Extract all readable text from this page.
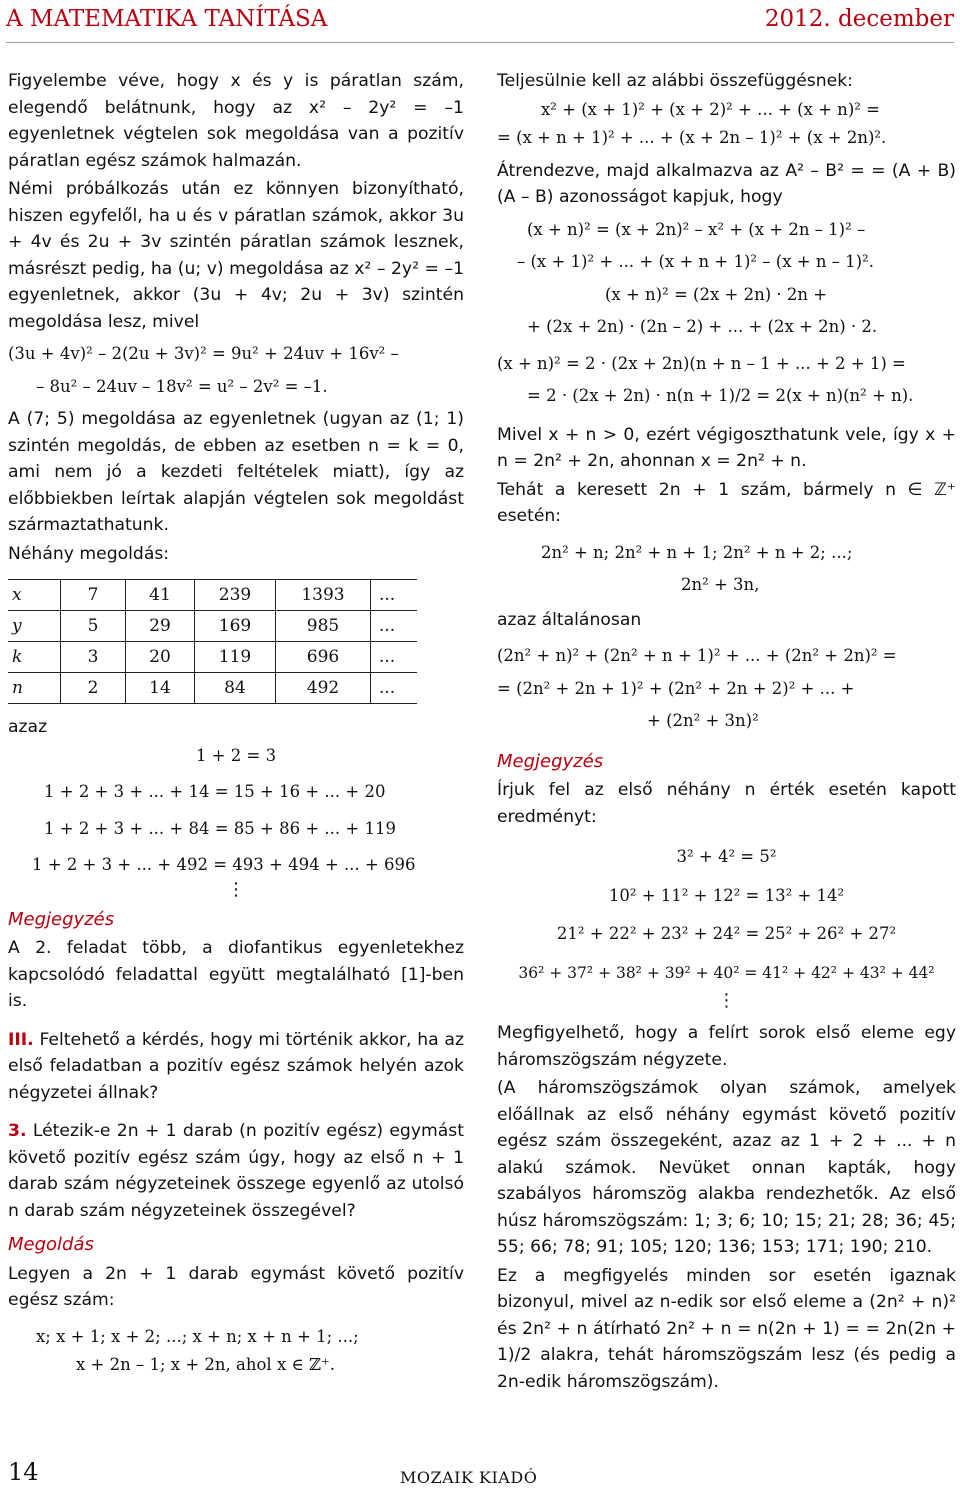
A MATEMATIKA TANÍTÁSA	2012. december

Figyelembe véve, hogy x és y is páratlan szám, elegendő belátnunk, hogy az x² – 2y² = –1 egyenletnek végtelen sok megoldása van a pozitív páratlan egész számok halmazán.

Némi próbálkozás után ez könnyen bizonyítható, hiszen egyfelől, ha u és v páratlan számok, akkor 3u + 4v és 2u + 3v szintén páratlan számok lesznek, másrészt pedig, ha (u; v) megoldása az x² – 2y² = –1 egyenletnek, akkor (3u + 4v; 2u + 3v) szintén megoldása lesz, mivel

(3u + 4v)² – 2(2u + 3v)² = 9u² + 24uv + 16v² –
– 8u² – 24uv – 18v² = u² – 2v² = –1.

A (7; 5) megoldása az egyenletnek (ugyan az (1; 1) szintén megoldás, de ebben az esetben n = k = 0, ami nem jó a kezdeti feltételek miatt), így az előbbiekben leírtak alapján végtelen sok megoldást származtathatunk.

Néhány megoldás:

x	7	41	239	1393	...
y	5	29	169	985	...
k	3	20	119	696	...
n	2	14	84	492	...

azaz

1 + 2 = 3
1 + 2 + 3 + ... + 14 = 15 + 16 + ... + 20
1 + 2 + 3 + ... + 84 = 85 + 86 + ... + 119
1 + 2 + 3 + ... + 492 = 493 + 494 + ... + 696
⋮
Megjegyzés

A 2. feladat több, a diofantikus egyenletekhez kapcsolódó feladattal együtt megtalálható [1]-ben is.

III. Feltehető a kérdés, hogy mi történik akkor, ha az első feladatban a pozitív egész számok helyén azok négyzetei állnak?

3. Létezik-e 2n + 1 darab (n pozitív egész) egymást követő pozitív egész szám úgy, hogy az első n + 1 darab szám négyzeteinek összege egyenlő az utolsó n darab szám négyzeteinek összegével?

Megoldás

Legyen a 2n + 1 darab egymást követő pozitív egész szám:

x; x + 1; x + 2; ...; x + n; x + n + 1; ...;
x + 2n – 1; x + 2n, ahol x ∈ ℤ⁺.

Teljesülnie kell az alábbi összefüggésnek:

x² + (x + 1)² + (x + 2)² + ... + (x + n)² =
= (x + n + 1)² + ... + (x + 2n – 1)² + (x + 2n)².

Átrendezve, majd alkalmazva az A² – B² = = (A + B)(A – B) azonosságot kapjuk, hogy

(x + n)² = (x + 2n)² – x² + (x + 2n – 1)² –
– (x + 1)² + ... + (x + n + 1)² – (x + n – 1)².
(x + n)² = (2x + 2n) · 2n +
+ (2x + 2n) · (2n – 2) + ... + (2x + 2n) · 2.
(x + n)² = 2 · (2x + 2n)(n + n – 1 + ... + 2 + 1) =
= 2 · (2x + 2n) · n(n + 1)/2 = 2(x + n)(n² + n).

Mivel x + n > 0, ezért végigoszthatunk vele, így x + n = 2n² + 2n, ahonnan x = 2n² + n.

Tehát a keresett 2n + 1 szám, bármely n ∈ ℤ⁺ esetén:

2n² + n; 2n² + n + 1; 2n² + n + 2; ...;
2n² + 3n,

azaz általánosan

(2n² + n)² + (2n² + n + 1)² + ... + (2n² + 2n)² =
= (2n² + 2n + 1)² + (2n² + 2n + 2)² + ... +
+ (2n² + 3n)²
Megjegyzés

Írjuk fel az első néhány n érték esetén kapott eredményt:

3² + 4² = 5²
10² + 11² + 12² = 13² + 14²
21² + 22² + 23² + 24² = 25² + 26² + 27²
36² + 37² + 38² + 39² + 40² = 41² + 42² + 43² + 44²
⋮

Megfigyelhető, hogy a felírt sorok első eleme egy háromszögszám négyzete.

(A háromszögszámok olyan számok, amelyek előállnak az első néhány egymást követő pozitív egész szám összegeként, azaz az 1 + 2 + ... + n alakú számok. Nevüket onnan kapták, hogy szabályos háromszög alakba rendezhetők. Az első húsz háromszögszám: 1; 3; 6; 10; 15; 21; 28; 36; 45; 55; 66; 78; 91; 105; 120; 136; 153; 171; 190; 210.

Ez a megfigyelés minden sor esetén igaznak bizonyul, mivel az n-edik sor első eleme a (2n² + n)² és 2n² + n átírható 2n² + n = n(2n + 1) = = 2n(2n + 1)/2 alakra, tehát háromszögszám lesz (és pedig a 2n-edik háromszögszám).

14	MOZAIK KIADÓ
